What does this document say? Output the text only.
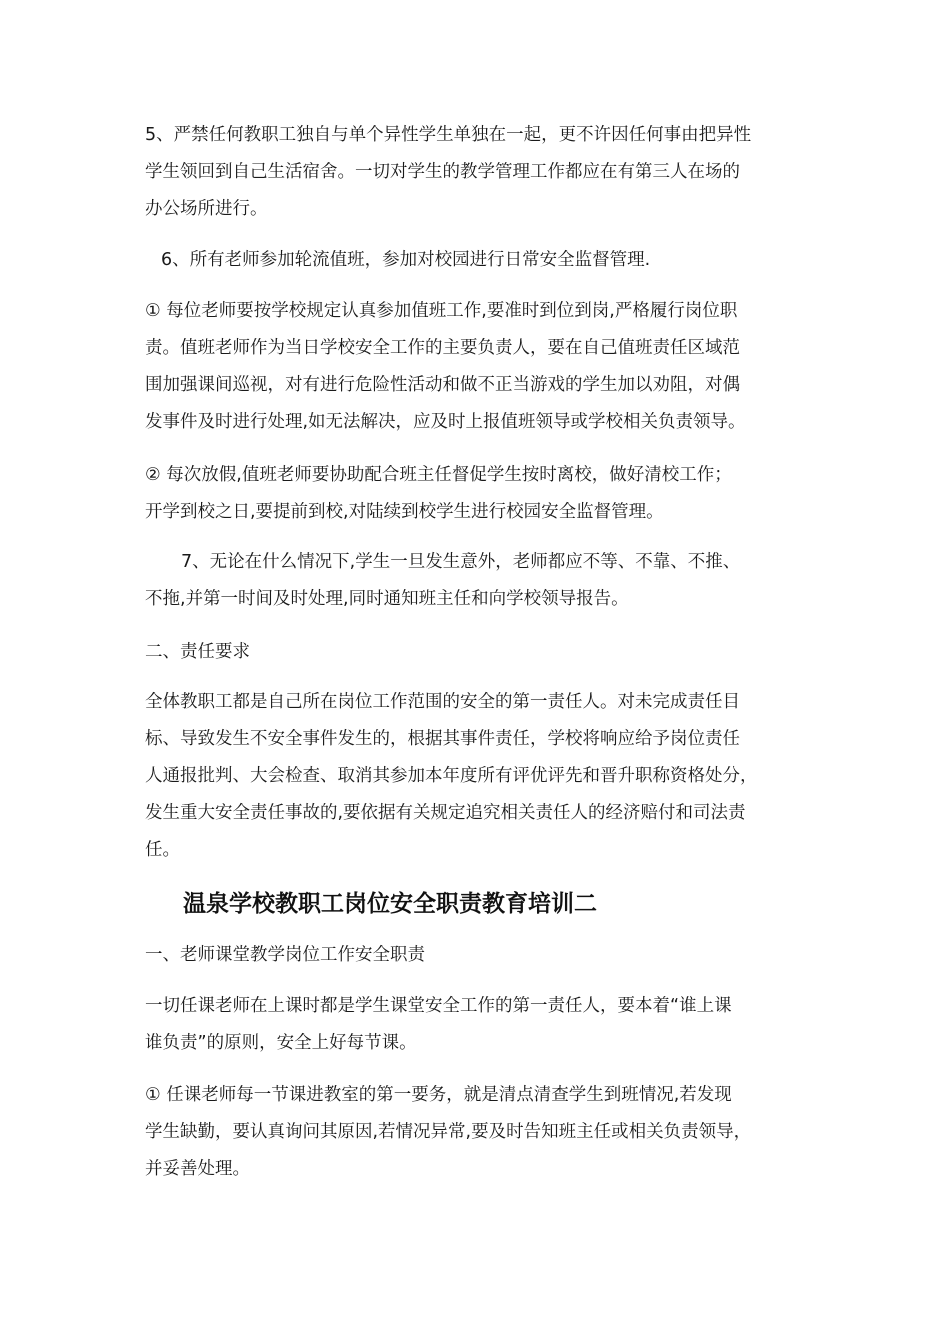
5、严禁任何教职工独自与单个异性学生单独在一起，更不许因任何事由把异性
学生领回到自己生活宿舍。一切对学生的教学管理工作都应在有第三人在场的
办公场所进行。
6、所有老师参加轮流值班，参加对校园进行日常安全监督管理.
① 每位老师要按学校规定认真参加值班工作,要准时到位到岗,严格履行岗位职
责。值班老师作为当日学校安全工作的主要负责人，要在自己值班责任区域范
围加强课间巡视，对有进行危险性活动和做不正当游戏的学生加以劝阻，对偶
发事件及时进行处理,如无法解决，应及时上报值班领导或学校相关负责领导。
② 每次放假,值班老师要协助配合班主任督促学生按时离校，做好清校工作；
开学到校之日,要提前到校,对陆续到校学生进行校园安全监督管理。
7、无论在什么情况下,学生一旦发生意外，老师都应不等、不靠、不推、
不拖,并第一时间及时处理,同时通知班主任和向学校领导报告。
二、责任要求
全体教职工都是自己所在岗位工作范围的安全的第一责任人。对未完成责任目
标、导致发生不安全事件发生的，根据其事件责任，学校将响应给予岗位责任
人通报批判、大会检查、取消其参加本年度所有评优评先和晋升职称资格处分，
发生重大安全责任事故的,要依据有关规定追究相关责任人的经济赔付和司法责
任。
温泉学校教职工岗位安全职责教育培训二
一、老师课堂教学岗位工作安全职责
一切任课老师在上课时都是学生课堂安全工作的第一责任人，要本着“谁上课
谁负责”的原则，安全上好每节课。
① 任课老师每一节课进教室的第一要务，就是清点清查学生到班情况,若发现
学生缺勤，要认真询问其原因,若情况异常,要及时告知班主任或相关负责领导，
并妥善处理。
